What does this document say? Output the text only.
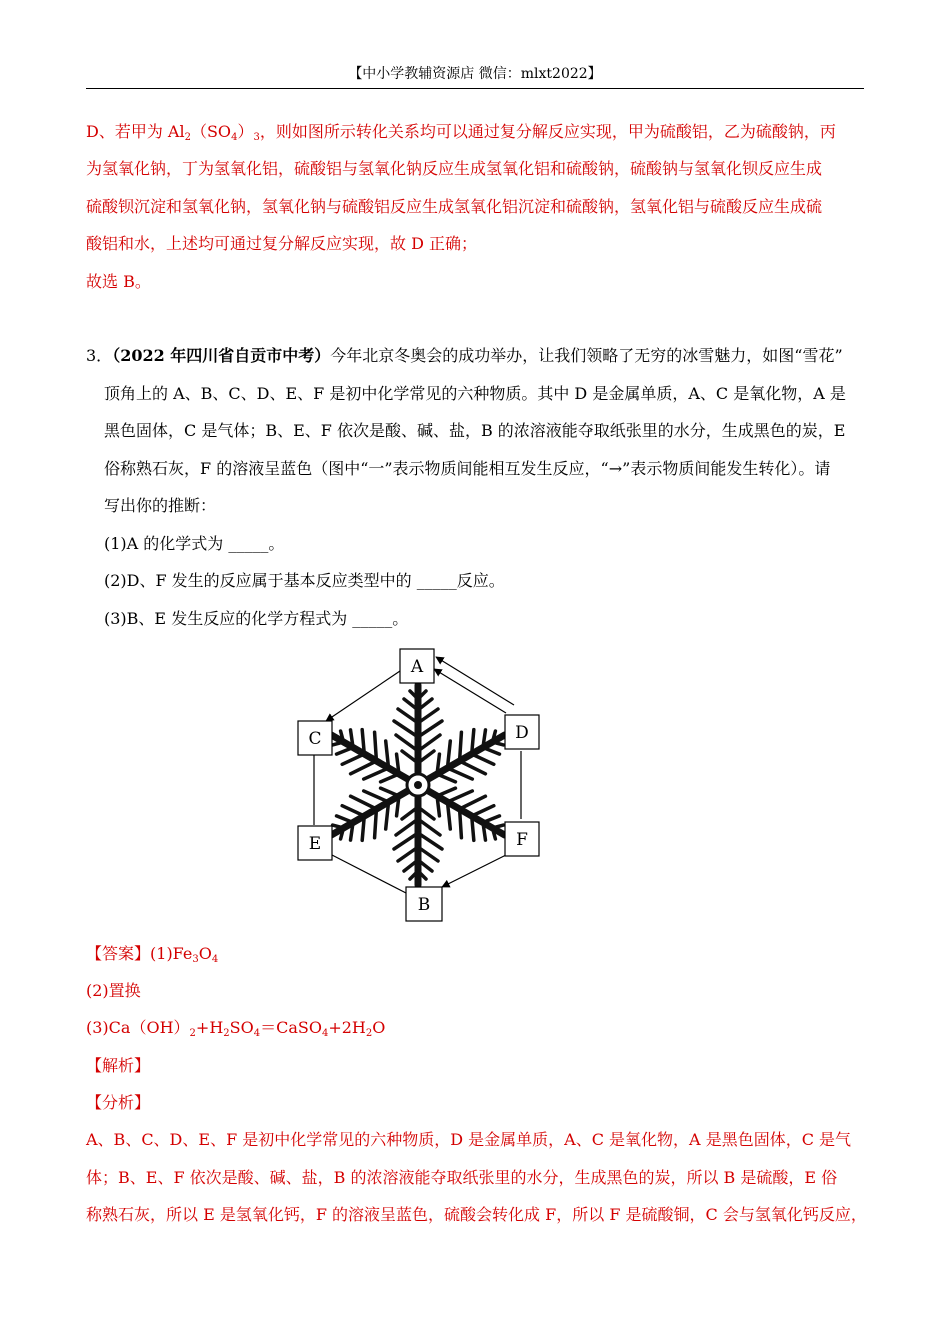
【中小学教辅资源店 微信：mlxt2022】
D、若甲为 $Al_2(SO_4)_3$，则如图所示转化关系均可以通过复分解反应实现，甲为硫酸铝，乙为硫酸钠，丙
为氢氧化钠，丁为氢氧化铝，硫酸铝与氢氧化钠反应生成氢氧化铝和硫酸钠，硫酸钠与氢氧化钡反应生成
硫酸钡沉淀和氢氧化钠，氢氧化钠与硫酸铝反应生成氢氧化铝沉淀和硫酸钠，氢氧化铝与硫酸反应生成硫
酸铝和水，上述均可通过复分解反应实现，故 D 正确；
故选 B。
3．（2022 年四川省自贡市中考）今年北京冬奥会的成功举办，让我们领略了无穷的冰雪魅力，如图“雪花”
顶角上的 A、B、C、D、E、F 是初中化学常见的六种物质。其中 D 是金属单质，A、C 是氧化物，A 是
黑色固体，C 是气体；B、E、F 依次是酸、碱、盐，B 的浓溶液能夺取纸张里的水分，生成黑色的炭，E
俗称熟石灰，F 的溶液呈蓝色（图中“一”表示物质间能相互发生反应，“→”表示物质间能发生转化）。请
写出你的推断：
(1)A 的化学式为 _____。
(2)D、F 发生的反应属于基本反应类型中的 _____反应。
(3)B、E 发生反应的化学方程式为 _____。
A
C	D
E	F
B
【答案】$(1)Fe_3O_4$
(2)置换
$(3)Ca(OH)_2+H_2SO_4=CaSO_4+2H_2O$
【解析】
【分析】
A、B、C、D、E、F 是初中化学常见的六种物质，D 是金属单质，A、C 是氧化物，A 是黑色固体，C 是气
体；B、E、F 依次是酸、碱、盐，B 的浓溶液能夺取纸张里的水分，生成黑色的炭，所以 B 是硫酸，E 俗
称熟石灰，所以 E 是氢氧化钙，F 的溶液呈蓝色，硫酸会转化成 F，所以 F 是硫酸铜，C 会与氢氧化钙反应，
